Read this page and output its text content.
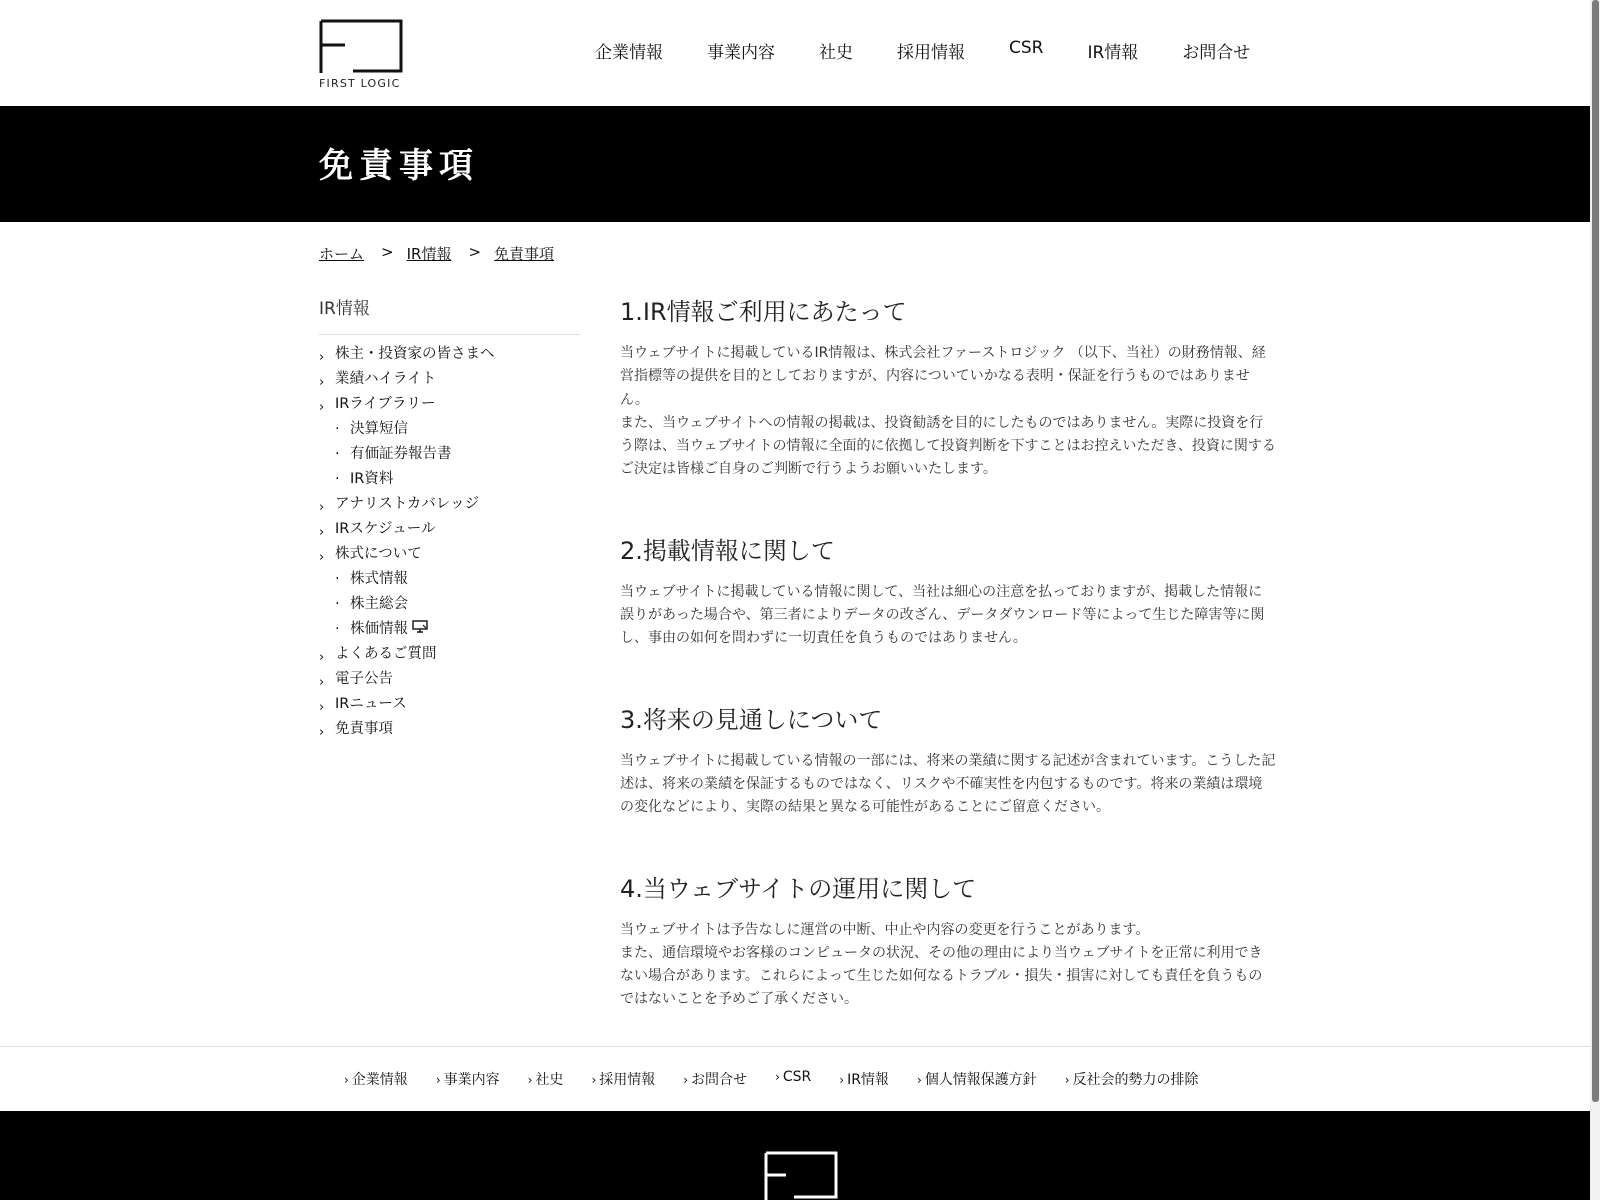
FIRST LOGIC
企業情報	事業内容	社史	採用情報	CSR	IR情報	お問合せ
免責事項
ホーム > IR情報 > 免責事項
IR情報
› 株主・投資家の皆さまへ
› 業績ハイライト
› IRライブラリー
· 決算短信
· 有価証券報告書
· IR資料
› アナリストカバレッジ
› IRスケジュール
› 株式について
· 株式情報
· 株主総会
· 株価情報
› よくあるご質問
› 電子公告
› IRニュース
› 免責事項
1.IR情報ご利用にあたって

当ウェブサイトに掲載しているIR情報は、株式会社ファーストロジック （以下、当社）の財務情報、経営指標等の提供を目的としておりますが、内容についていかなる表明・保証を行うものではありません。
また、当ウェブサイトへの情報の掲載は、投資勧誘を目的にしたものではありません。実際に投資を行う際は、当ウェブサイトの情報に全面的に依拠して投資判断を下すことはお控えいただき、投資に関するご決定は皆様ご自身のご判断で行うようお願いいたします。

2.掲載情報に関して

当ウェブサイトに掲載している情報に関して、当社は細心の注意を払っておりますが、掲載した情報に誤りがあった場合や、第三者によりデータの改ざん、データダウンロード等によって生じた障害等に関し、事由の如何を問わずに一切責任を負うものではありません。

3.将来の見通しについて

当ウェブサイトに掲載している情報の一部には、将来の業績に関する記述が含まれています。こうした記述は、将来の業績を保証するものではなく、リスクや不確実性を内包するものです。将来の業績は環境の変化などにより、実際の結果と異なる可能性があることにご留意ください。

4.当ウェブサイトの運用に関して

当ウェブサイトは予告なしに運営の中断、中止や内容の変更を行うことがあります。
また、通信環境やお客様のコンピュータの状況、その他の理由により当ウェブサイトを正常に利用できない場合があります。これらによって生じた如何なるトラブル・損失・損害に対しても責任を負うものではないことを予めご了承ください。

› 企業情報 › 事業内容 › 社史 › 採用情報 › お問合せ › CSR › IR情報 › 個人情報保護方針 › 反社会的勢力の排除
